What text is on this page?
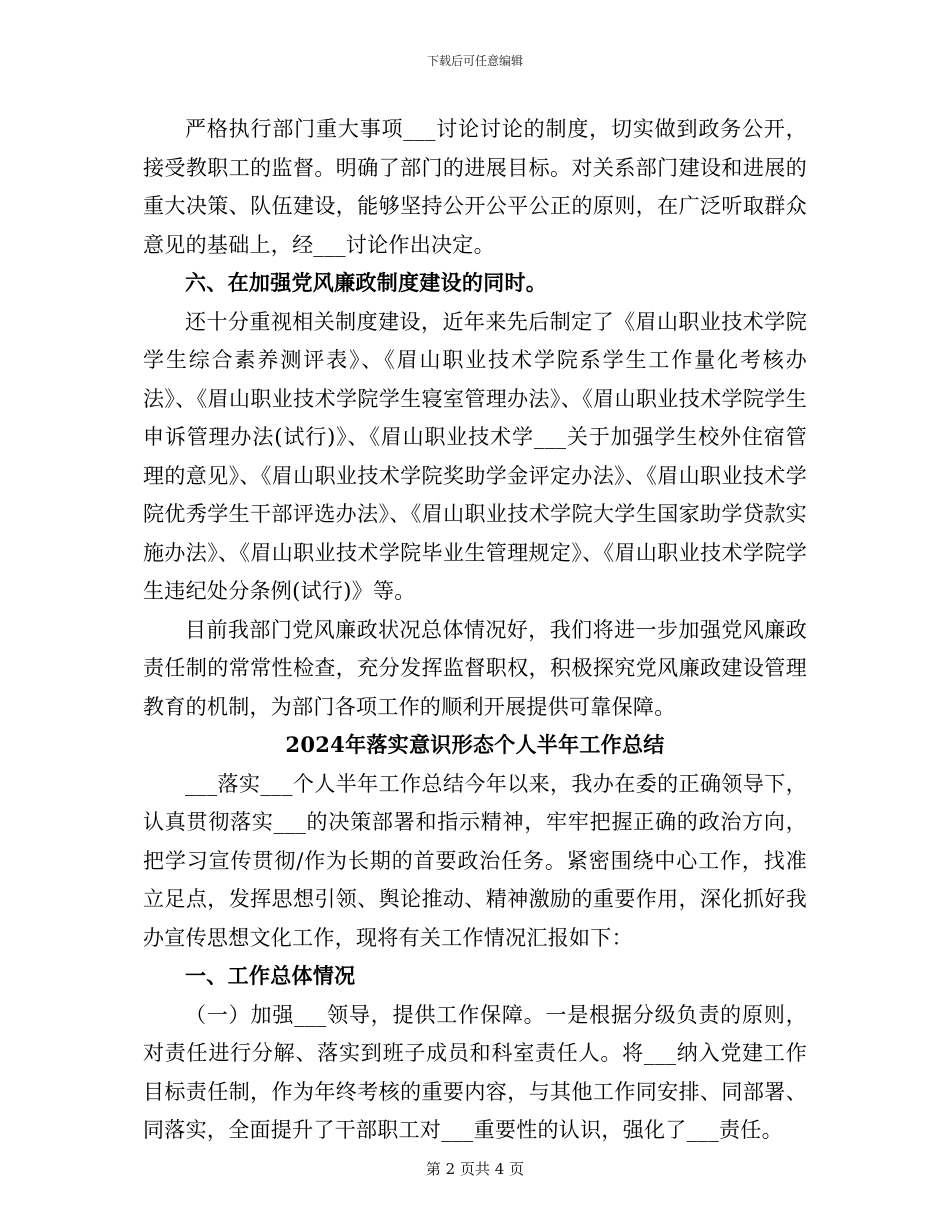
下载后可任意编辑

严格执行部门重大事项___讨论讨论的制度，切实做到政务公开，接受教职工的监督。明确了部门的进展目标。对关系部门建设和进展的重大决策、队伍建设，能够坚持公开公平公正的原则，在广泛听取群众意见的基础上，经___讨论作出决定。

六、在加强党风廉政制度建设的同时。

还十分重视相关制度建设，近年来先后制定了《眉山职业技术学院学生综合素养测评表》、《眉山职业技术学院系学生工作量化考核办法》、《眉山职业技术学院学生寝室管理办法》、《眉山职业技术学院学生申诉管理办法(试行)》、《眉山职业技术学___关于加强学生校外住宿管理的意见》、《眉山职业技术学院奖助学金评定办法》、《眉山职业技术学院优秀学生干部评选办法》、《眉山职业技术学院大学生国家助学贷款实施办法》、《眉山职业技术学院毕业生管理规定》、《眉山职业技术学院学生违纪处分条例(试行)》等。

目前我部门党风廉政状况总体情况好，我们将进一步加强党风廉政责任制的常常性检查，充分发挥监督职权，积极探究党风廉政建设管理教育的机制，为部门各项工作的顺利开展提供可靠保障。

2024年落实意识形态个人半年工作总结

___落实___个人半年工作总结今年以来，我办在委的正确领导下，认真贯彻落实___的决策部署和指示精神，牢牢把握正确的政治方向，把学习宣传贯彻/作为长期的首要政治任务。紧密围绕中心工作，找准立足点，发挥思想引领、舆论推动、精神激励的重要作用，深化抓好我办宣传思想文化工作，现将有关工作情况汇报如下：

一、工作总体情况

（一）加强___领导，提供工作保障。一是根据分级负责的原则，对责任进行分解、落实到班子成员和科室责任人。将___纳入党建工作目标责任制，作为年终考核的重要内容，与其他工作同安排、同部署、同落实，全面提升了干部职工对___重要性的认识，强化了___责任。

第 2 页共 4 页
